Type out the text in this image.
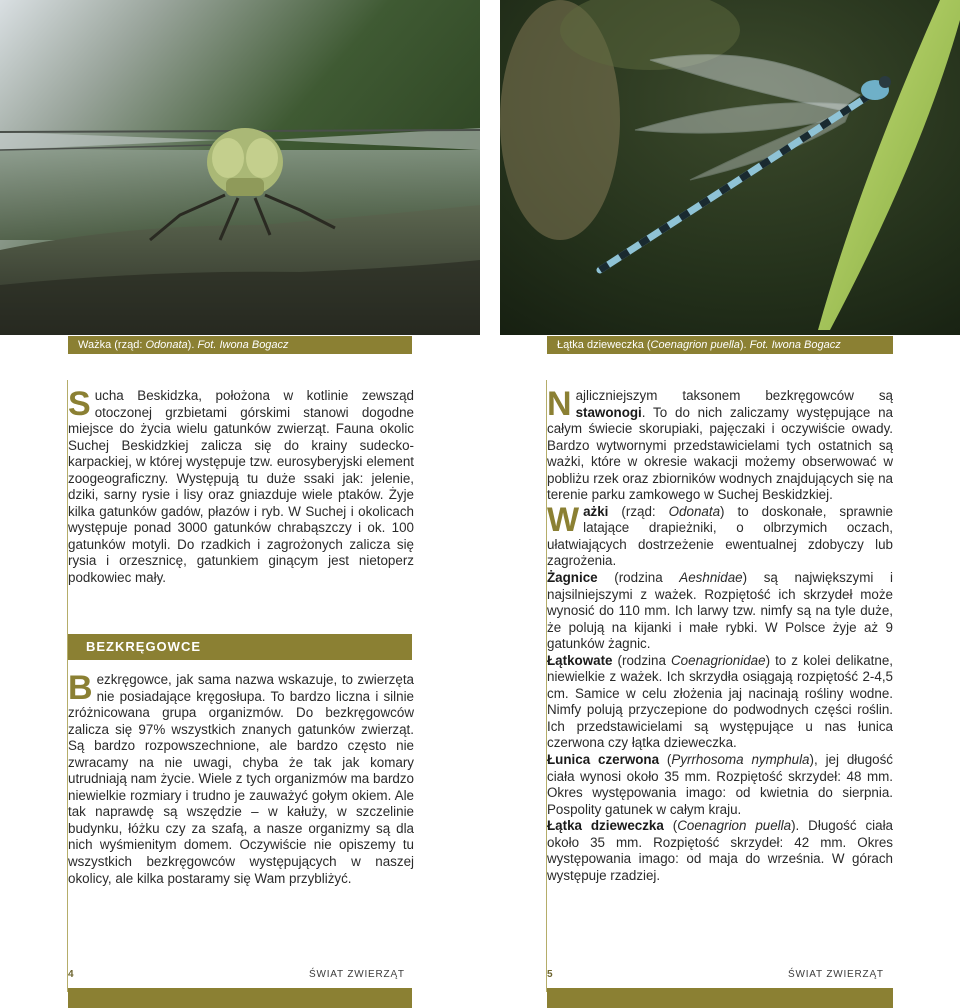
Ważka (rząd: Odonata). Fot. Iwona Bogacz	Łątka dzieweczka (Coenagrion puella). Fot. Iwona Bogacz

Sucha Beskidzka, położona w kotlinie zewsząd otoczonej grzbietami górskimi stanowi dogodne miejsce do życia wielu gatunków zwierząt. Fauna okolic Suchej Beskidzkiej zalicza się do krainy sudecko-karpackiej, w której występuje tzw. eurosyberyjski element zoogeograficzny. Występują tu duże ssaki jak: jelenie, dziki, sarny rysie i lisy oraz gniazduje wiele ptaków. Żyje kilka gatunków gadów, płazów i ryb. W Suchej i okolicach występuje ponad 3000 gatunków chrabąszczy i ok. 100 gatunków motyli. Do rzadkich i zagrożonych zalicza się rysia i orzesznicę, gatunkiem ginącym jest nietoperz podkowiec mały.

BEZKRĘGOWCE

Bezkręgowce, jak sama nazwa wskazuje, to zwierzęta nie posiadające kręgosłupa. To bardzo liczna i silnie zróżnicowana grupa organizmów. Do bezkręgowców zalicza się 97% wszystkich znanych gatunków zwierząt. Są bardzo rozpowszechnione, ale bardzo często nie zwracamy na nie uwagi, chyba że tak jak komary utrudniają nam życie. Wiele z tych organizmów ma bardzo niewielkie rozmiary i trudno je zauważyć gołym okiem. Ale tak naprawdę są wszędzie – w kałuży, w szczelinie budynku, łóżku czy za szafą, a nasze organizmy są dla nich wyśmienitym domem. Oczywiście nie opiszemy tu wszystkich bezkręgowców występujących w naszej okolicy, ale kilka postaramy się Wam przybliżyć.

Najliczniejszym taksonem bezkręgowców są stawonogi. To do nich zaliczamy występujące na całym świecie skorupiaki, pajęczaki i oczywiście owady. Bardzo wytwornymi przedstawicielami tych ostatnich są ważki, które w okresie wakacji możemy obserwować w pobliżu rzek oraz zbiorników wodnych znajdujących się na terenie parku zamkowego w Suchej Beskidzkiej.

Ważki (rząd: Odonata) to doskonałe, sprawnie latające drapieżniki, o olbrzymich oczach, ułatwiających dostrzeżenie ewentualnej zdobyczy lub zagrożenia.

Żagnice (rodzina Aeshnidae) są największymi i najsilniejszymi z ważek. Rozpiętość ich skrzydeł może wynosić do 110 mm. Ich larwy tzw. nimfy są na tyle duże, że polują na kijanki i małe rybki. W Polsce żyje aż 9 gatunków żagnic.

Łątkowate (rodzina Coenagrionidae) to z kolei delikatne, niewielkie z ważek. Ich skrzydła osiągają rozpiętość 2-4,5 cm. Samice w celu złożenia jaj nacinają rośliny wodne. Nimfy polują przyczepione do podwodnych części roślin. Ich przedstawicielami są występujące u nas łunica czerwona czy łątka dzieweczka.

Łunica czerwona (Pyrrhosoma nymphula), jej długość ciała wynosi około 35 mm. Rozpiętość skrzydeł: 48 mm. Okres występowania imago: od kwietnia do sierpnia. Pospolity gatunek w całym kraju.

Łątka dzieweczka (Coenagrion puella). Długość ciała około 35 mm. Rozpiętość skrzydeł: 42 mm. Okres występowania imago: od maja do września. W górach występuje rzadziej.

4	ŚWIAT ZWIERZĄT	5	ŚWIAT ZWIERZĄT
